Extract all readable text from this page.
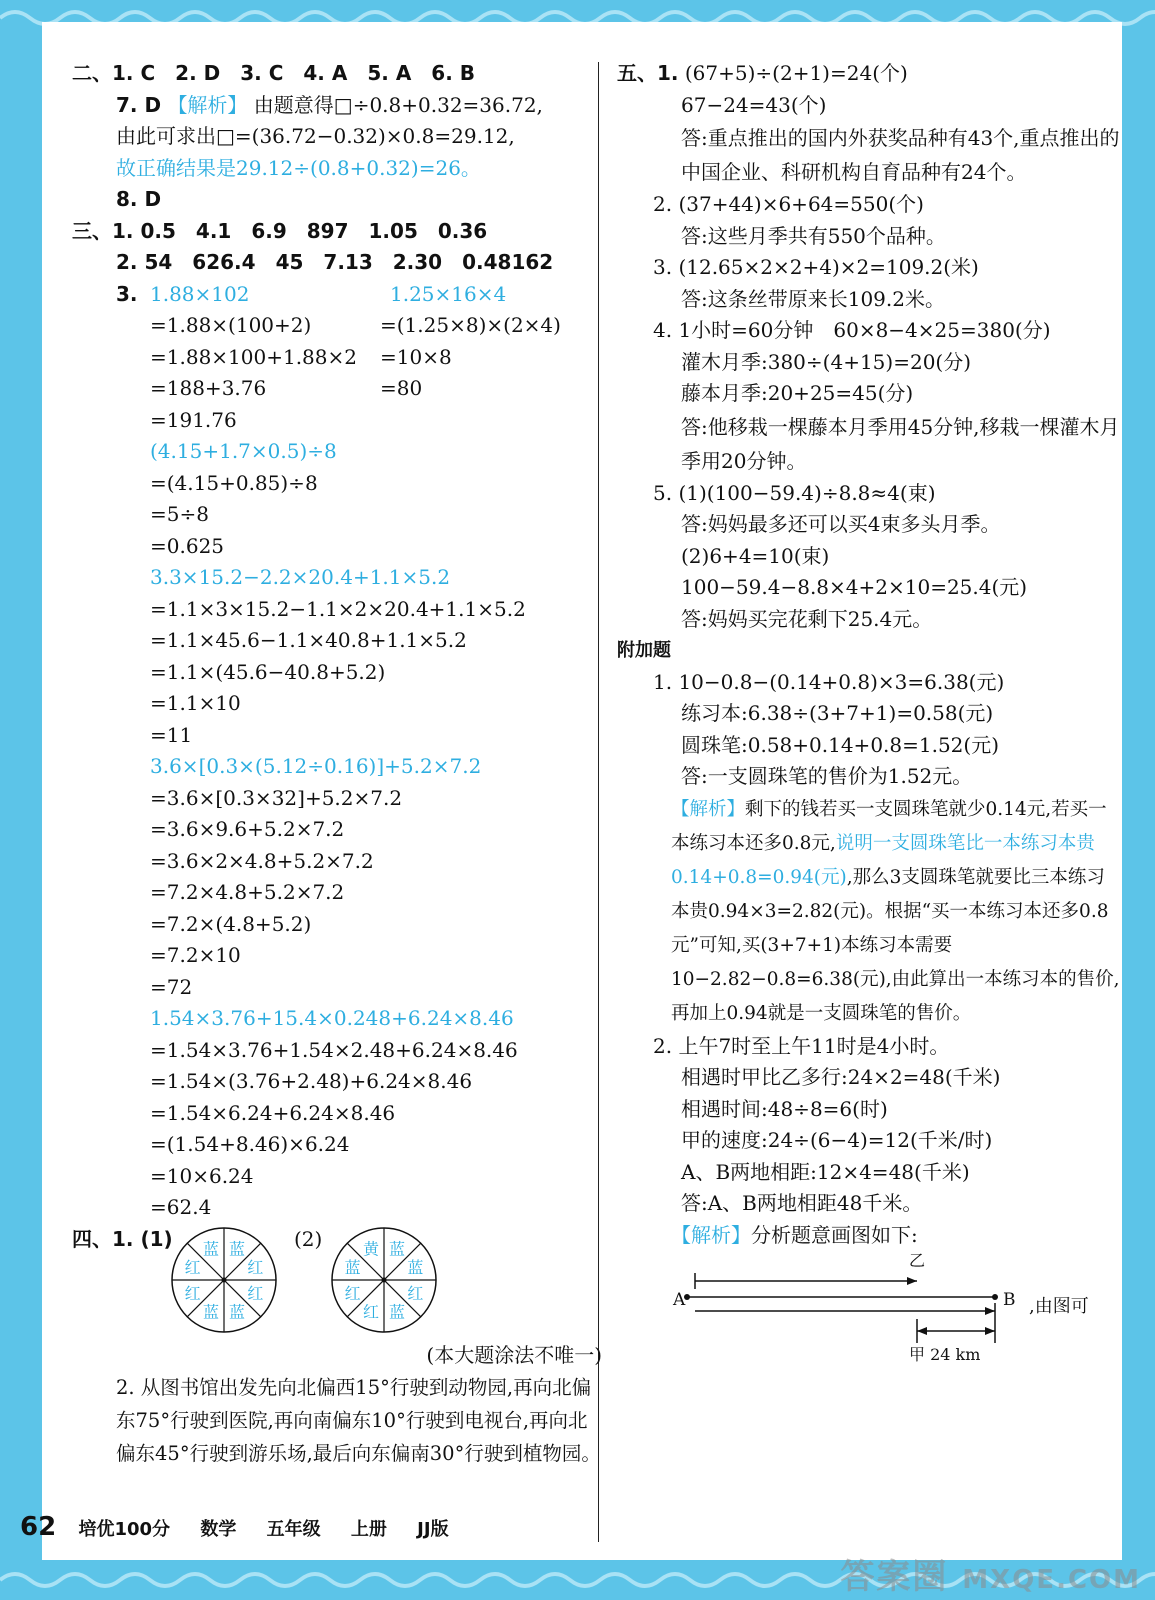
二、1. C　2. D　3. C　4. A　5. A　6. B
7. D 【解析】 由题意得□÷0.8+0.32=36.72,
由此可求出□=(36.72−0.32)×0.8=29.12,
故正确结果是29.12÷(0.8+0.32)=26。
8. D
三、1. 0.5　4.1　6.9　897　1.05　0.36
2. 54　626.4　45　7.13　2.30　0.48162
3. 1.88×102
=1.88×(100+2)
=1.88×100+1.88×2
=188+3.76
=191.76
1.25×16×4
=(1.25×8)×(2×4)
=10×8
=80
(4.15+1.7×0.5)÷8
=(4.15+0.85)÷8
=5÷8
=0.625
3.3×15.2−2.2×20.4+1.1×5.2
=1.1×3×15.2−1.1×2×20.4+1.1×5.2
=1.1×45.6−1.1×40.8+1.1×5.2
=1.1×(45.6−40.8+5.2)
=1.1×10
=11
3.6×[0.3×(5.12÷0.16)]+5.2×7.2
=3.6×[0.3×32]+5.2×7.2
=3.6×9.6+5.2×7.2
=3.6×2×4.8+5.2×7.2
=7.2×4.8+5.2×7.2
=7.2×(4.8+5.2)
=7.2×10
=72
1.54×3.76+15.4×0.248+6.24×8.46
=1.54×3.76+1.54×2.48+6.24×8.46
=1.54×(3.76+2.48)+6.24×8.46
=1.54×6.24+6.24×8.46
=(1.54+8.46)×6.24
=10×6.24
=62.4
四、1. (1) 蓝 蓝
红
红
蓝
蓝
红
红
(2)	黄 蓝
蓝
红
蓝
红
红
蓝
(本大题涂法不唯一)
2. 从图书馆出发先向北偏西15°行驶到动物园,再向北偏东75°行驶到医院,再向南偏东10°行驶到电视台,再向北偏东45°行驶到游乐场,最后向东偏南30°行驶到植物园。
五、1. (67+5)÷(2+1)=24(个)
67−24=43(个)
答:重点推出的国内外获奖品种有43个,重点推出的中国企业、科研机构自育品种有24个。
2. (37+44)×6+64=550(个)
答:这些月季共有550个品种。
3. (12.65×2×2+4)×2=109.2(米)
答:这条丝带原来长109.2米。
4. 1小时=60分钟　60×8−4×25=380(分)
灌木月季:380÷(4+15)=20(分)
藤本月季:20+25=45(分)
答:他移栽一棵藤本月季用45分钟,移栽一棵灌木月季用20分钟。
5. (1)(100−59.4)÷8.8≈4(束)
答:妈妈最多还可以买4束多头月季。
(2)6+4=10(束)
100−59.4−8.8×4+2×10=25.4(元)
答:妈妈买完花剩下25.4元。
附加题
1. 10−0.8−(0.14+0.8)×3=6.38(元)
练习本:6.38÷(3+7+1)=0.58(元)
圆珠笔:0.58+0.14+0.8=1.52(元)
答:一支圆珠笔的售价为1.52元。
【解析】剩下的钱若买一支圆珠笔就少0.14元,若买一本练习本还多0.8元,说明一支圆珠笔比一本练习本贵0.14+0.8=0.94(元),那么3支圆珠笔就要比三本练习本贵0.94×3=2.82(元)。根据“买一本练习本还多0.8元”可知,买(3+7+1)本练习本需要10−2.82−0.8=6.38(元),由此算出一本练习本的售价,再加上0.94就是一支圆珠笔的售价。
2. 上午7时至上午11时是4小时。
相遇时甲比乙多行:24×2=48(千米)
相遇时间:48÷8=6(时)
甲的速度:24÷(6−4)=12(千米/时)
A、B两地相距:12×4=48(千米)
答:A、B两地相距48千米。
【解析】分析题意画图如下:
乙
A	B ,由图可
甲 24 km
62 培优100分 数学 五年级 上册 JJ版
答案圈 MXQE.COM
